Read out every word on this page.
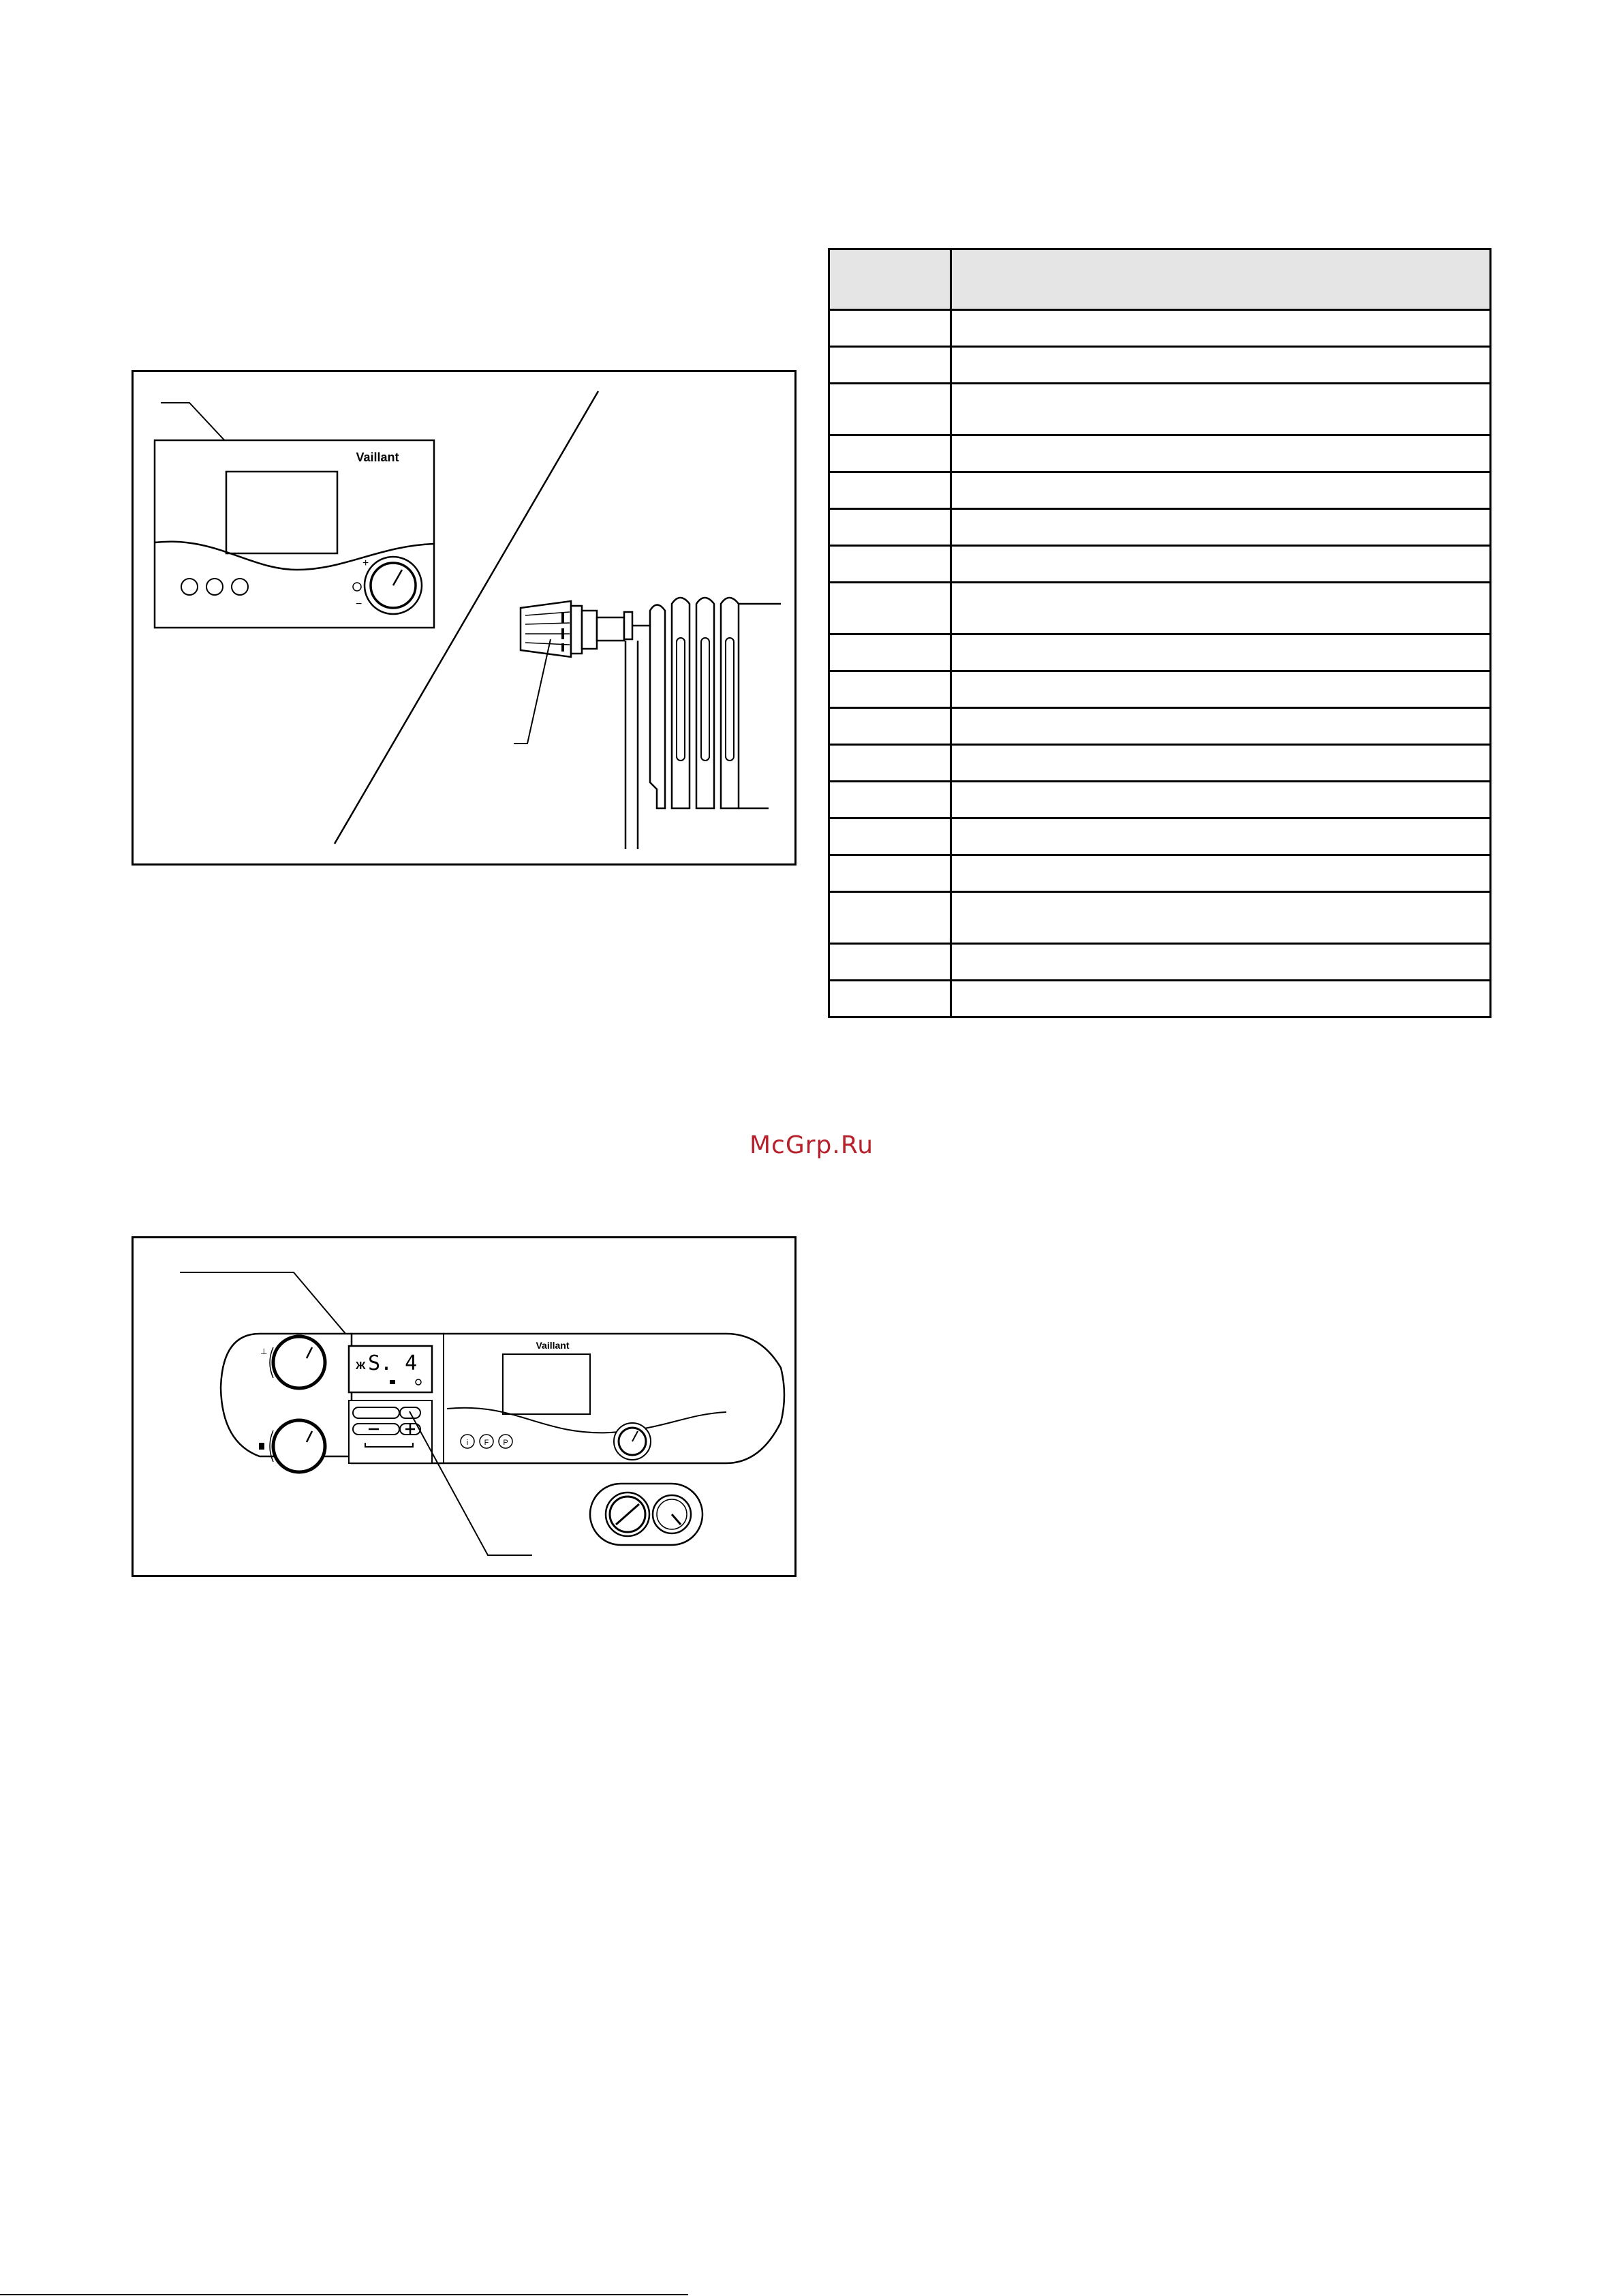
Vaillant
+
−

McGrp.Ru
⊥
Ж S. 4
Vaillant
i F P
